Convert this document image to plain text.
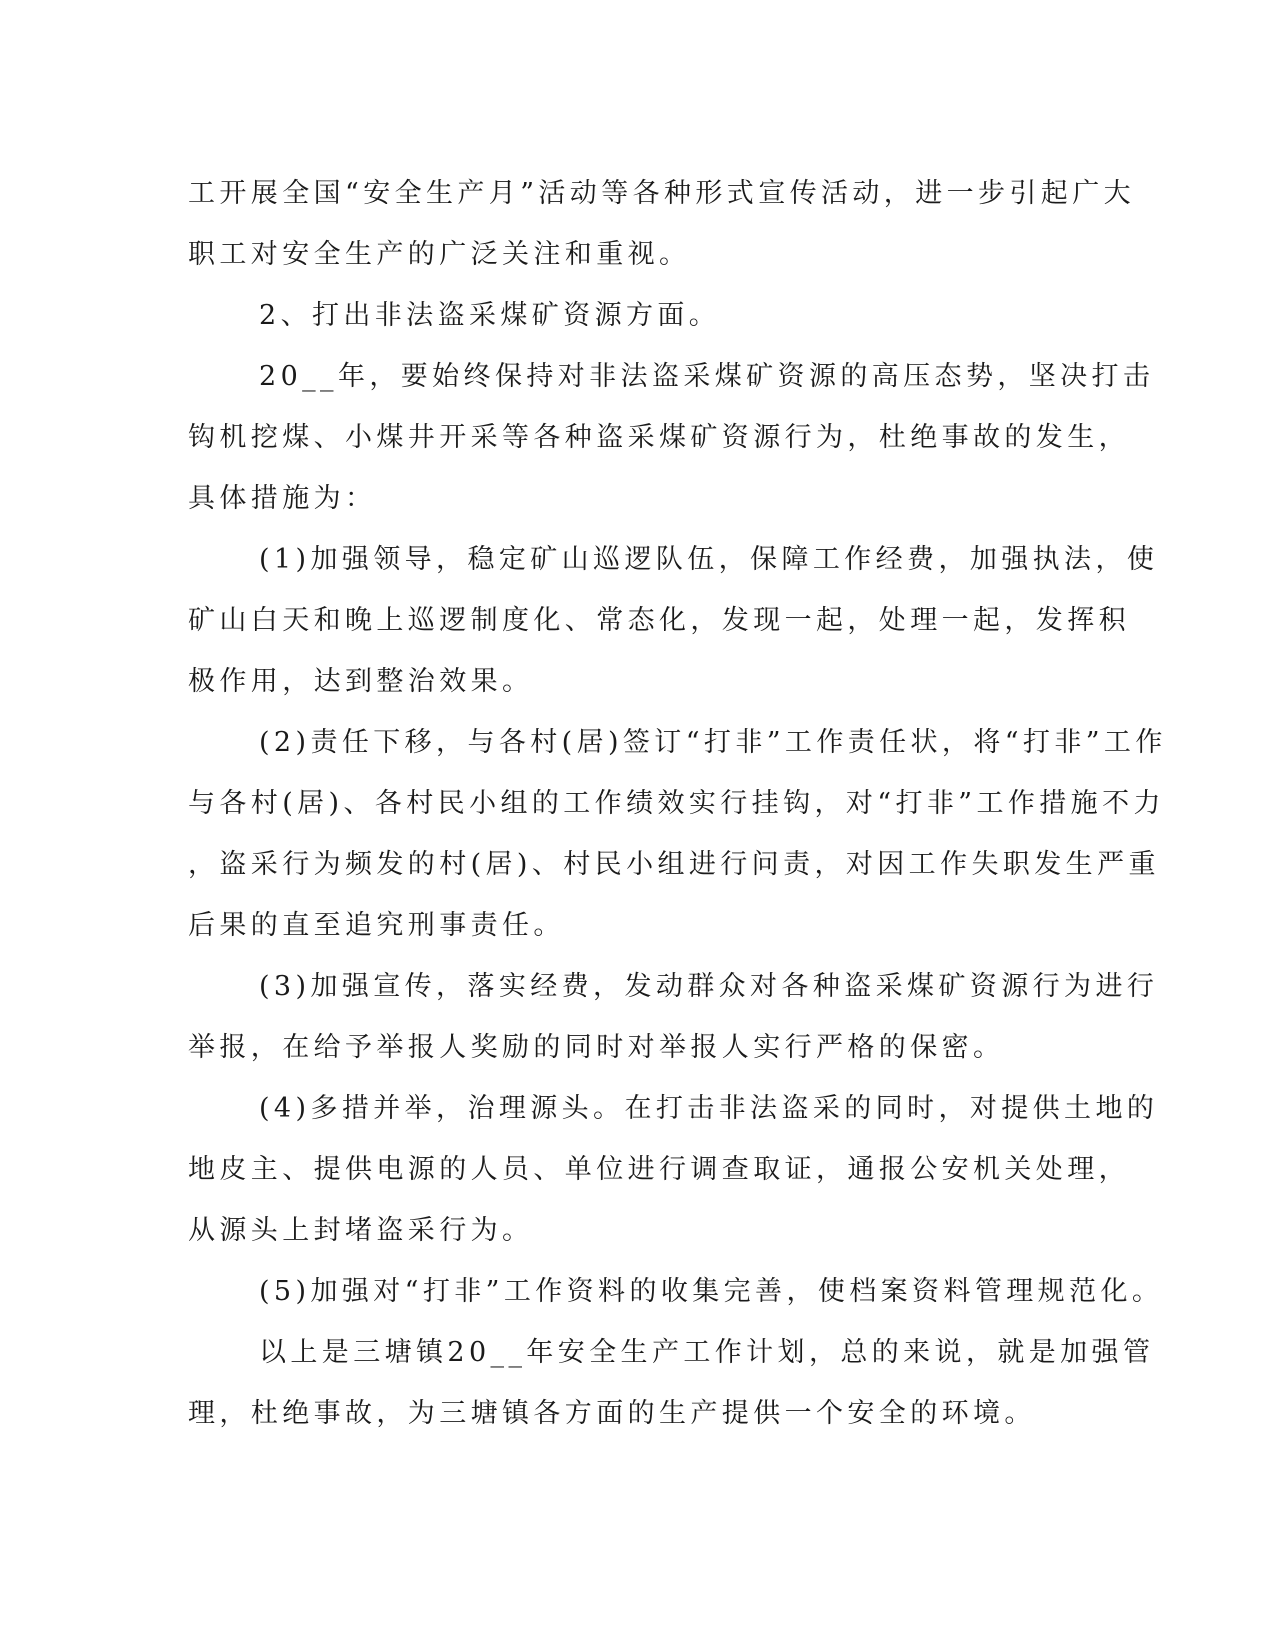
工开展全国“安全生产月”活动等各种形式宣传活动，进一步引起广大
职工对安全生产的广泛关注和重视。
2、打出非法盗采煤矿资源方面。
20__年，要始终保持对非法盗采煤矿资源的高压态势，坚决打击
钩机挖煤、小煤井开采等各种盗采煤矿资源行为，杜绝事故的发生，
具体措施为：
(1)加强领导，稳定矿山巡逻队伍，保障工作经费，加强执法，使
矿山白天和晚上巡逻制度化、常态化，发现一起，处理一起，发挥积
极作用，达到整治效果。
(2)责任下移，与各村(居)签订“打非”工作责任状，将“打非”工作
与各村(居)、各村民小组的工作绩效实行挂钩，对“打非”工作措施不力
，盗采行为频发的村(居)、村民小组进行问责，对因工作失职发生严重
后果的直至追究刑事责任。
(3)加强宣传，落实经费，发动群众对各种盗采煤矿资源行为进行
举报，在给予举报人奖励的同时对举报人实行严格的保密。
(4)多措并举，治理源头。在打击非法盗采的同时，对提供土地的
地皮主、提供电源的人员、单位进行调查取证，通报公安机关处理，
从源头上封堵盗采行为。
(5)加强对“打非”工作资料的收集完善，使档案资料管理规范化。
以上是三塘镇20__年安全生产工作计划，总的来说，就是加强管
理，杜绝事故，为三塘镇各方面的生产提供一个安全的环境。
